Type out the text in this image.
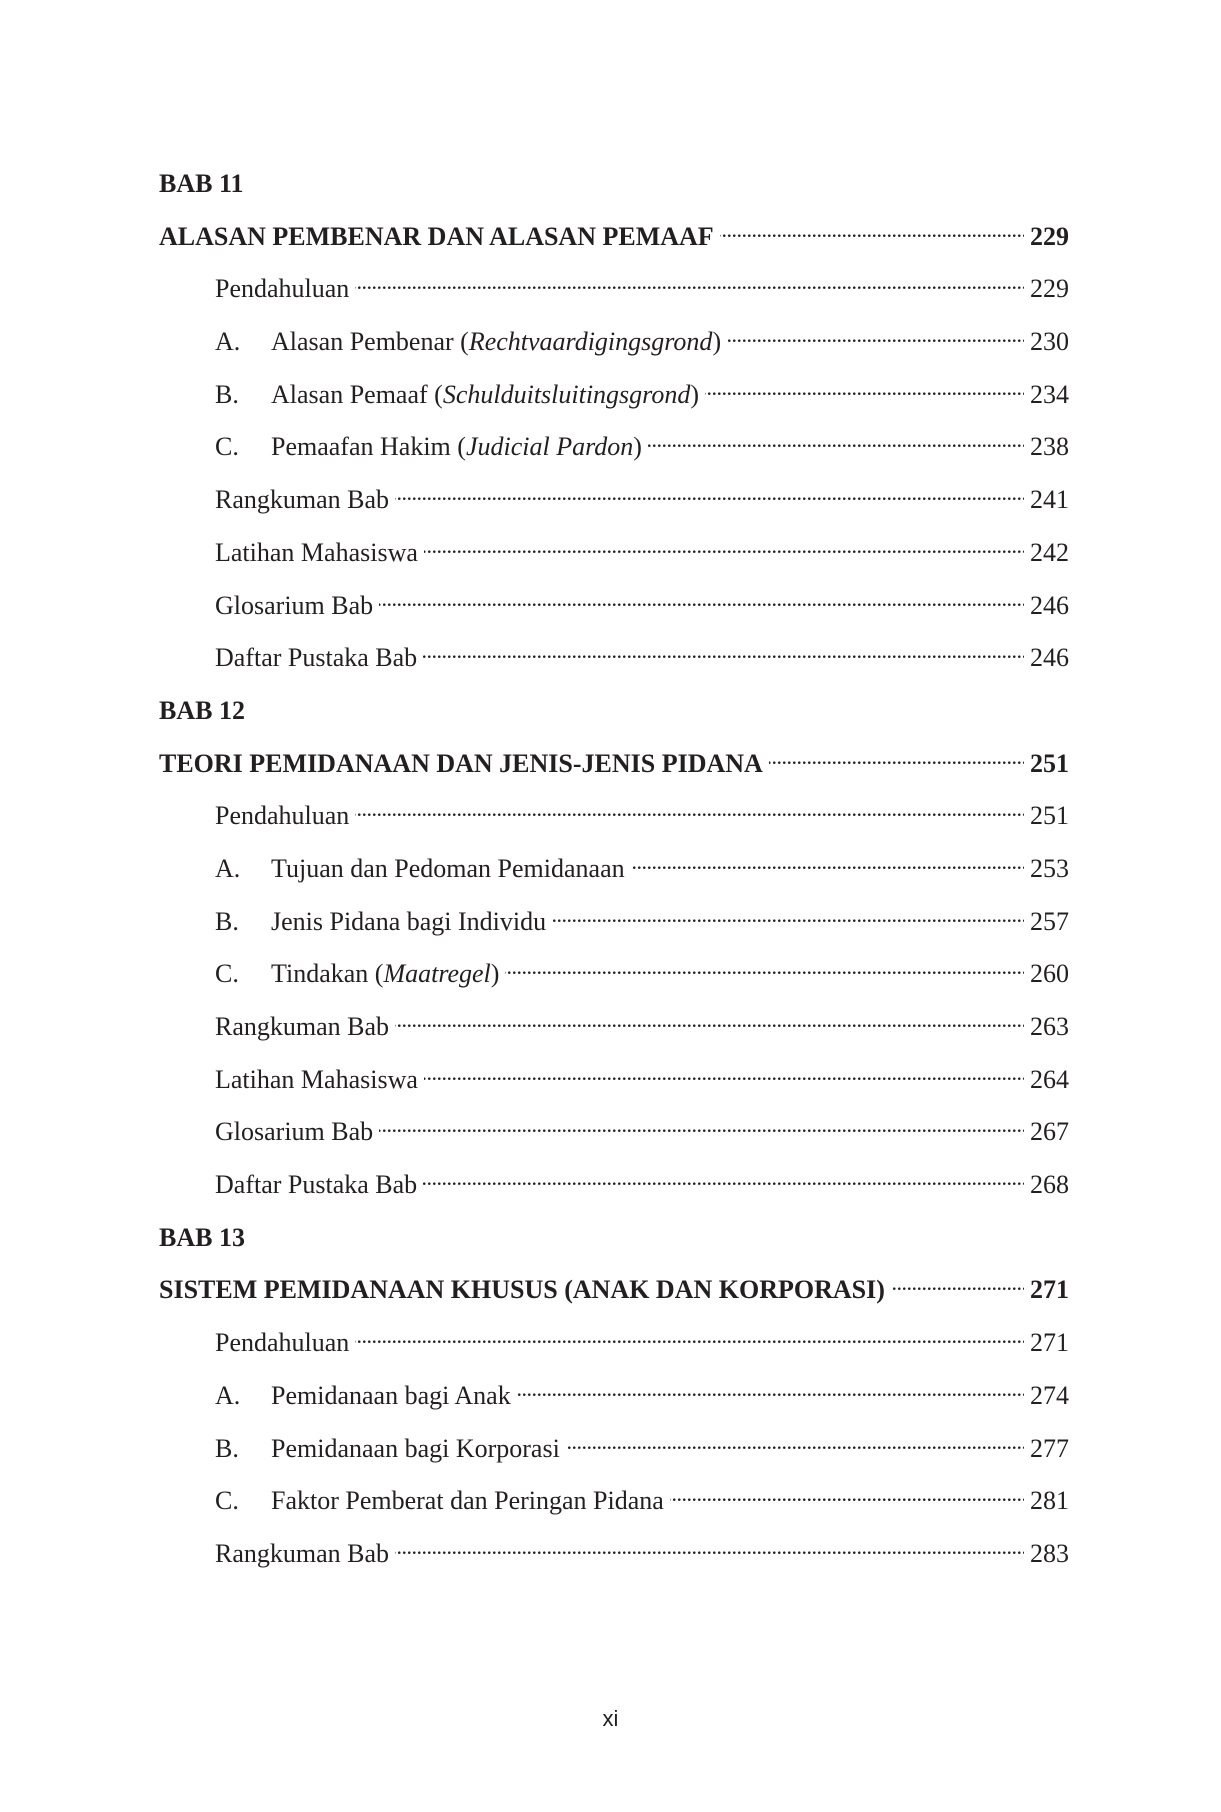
BAB 11
ALASAN PEMBENAR DAN ALASAN PEMAAF . . .	229
Pendahuluan . . .	229
A. Alasan Pembenar (Rechtvaardigingsgrond) . . .	230
B. Alasan Pemaaf (Schulduitsluitingsgrond) . . .	234
C. Pemaafan Hakim (Judicial Pardon) . . .	238
Rangkuman Bab . . .	241
Latihan Mahasiswa . . .	242
Glosarium Bab . . .	246
Daftar Pustaka Bab . . .	246
BAB 12
TEORI PEMIDANAAN DAN JENIS-JENIS PIDANA . . .	251
Pendahuluan . . .	251
A. Tujuan dan Pedoman Pemidanaan . . .	253
B. Jenis Pidana bagi Individu . . .	257
C. Tindakan (Maatregel) . . .	260
Rangkuman Bab . . .	263
Latihan Mahasiswa . . .	264
Glosarium Bab . . .	267
Daftar Pustaka Bab . . .	268
BAB 13
SISTEM PEMIDANAAN KHUSUS (ANAK DAN KORPORASI) . . .	271
Pendahuluan . . .	271
A. Pemidanaan bagi Anak . . .	274
B. Pemidanaan bagi Korporasi . . .	277
C. Faktor Pemberat dan Peringan Pidana . . .	281
Rangkuman Bab . . .	283
xi
